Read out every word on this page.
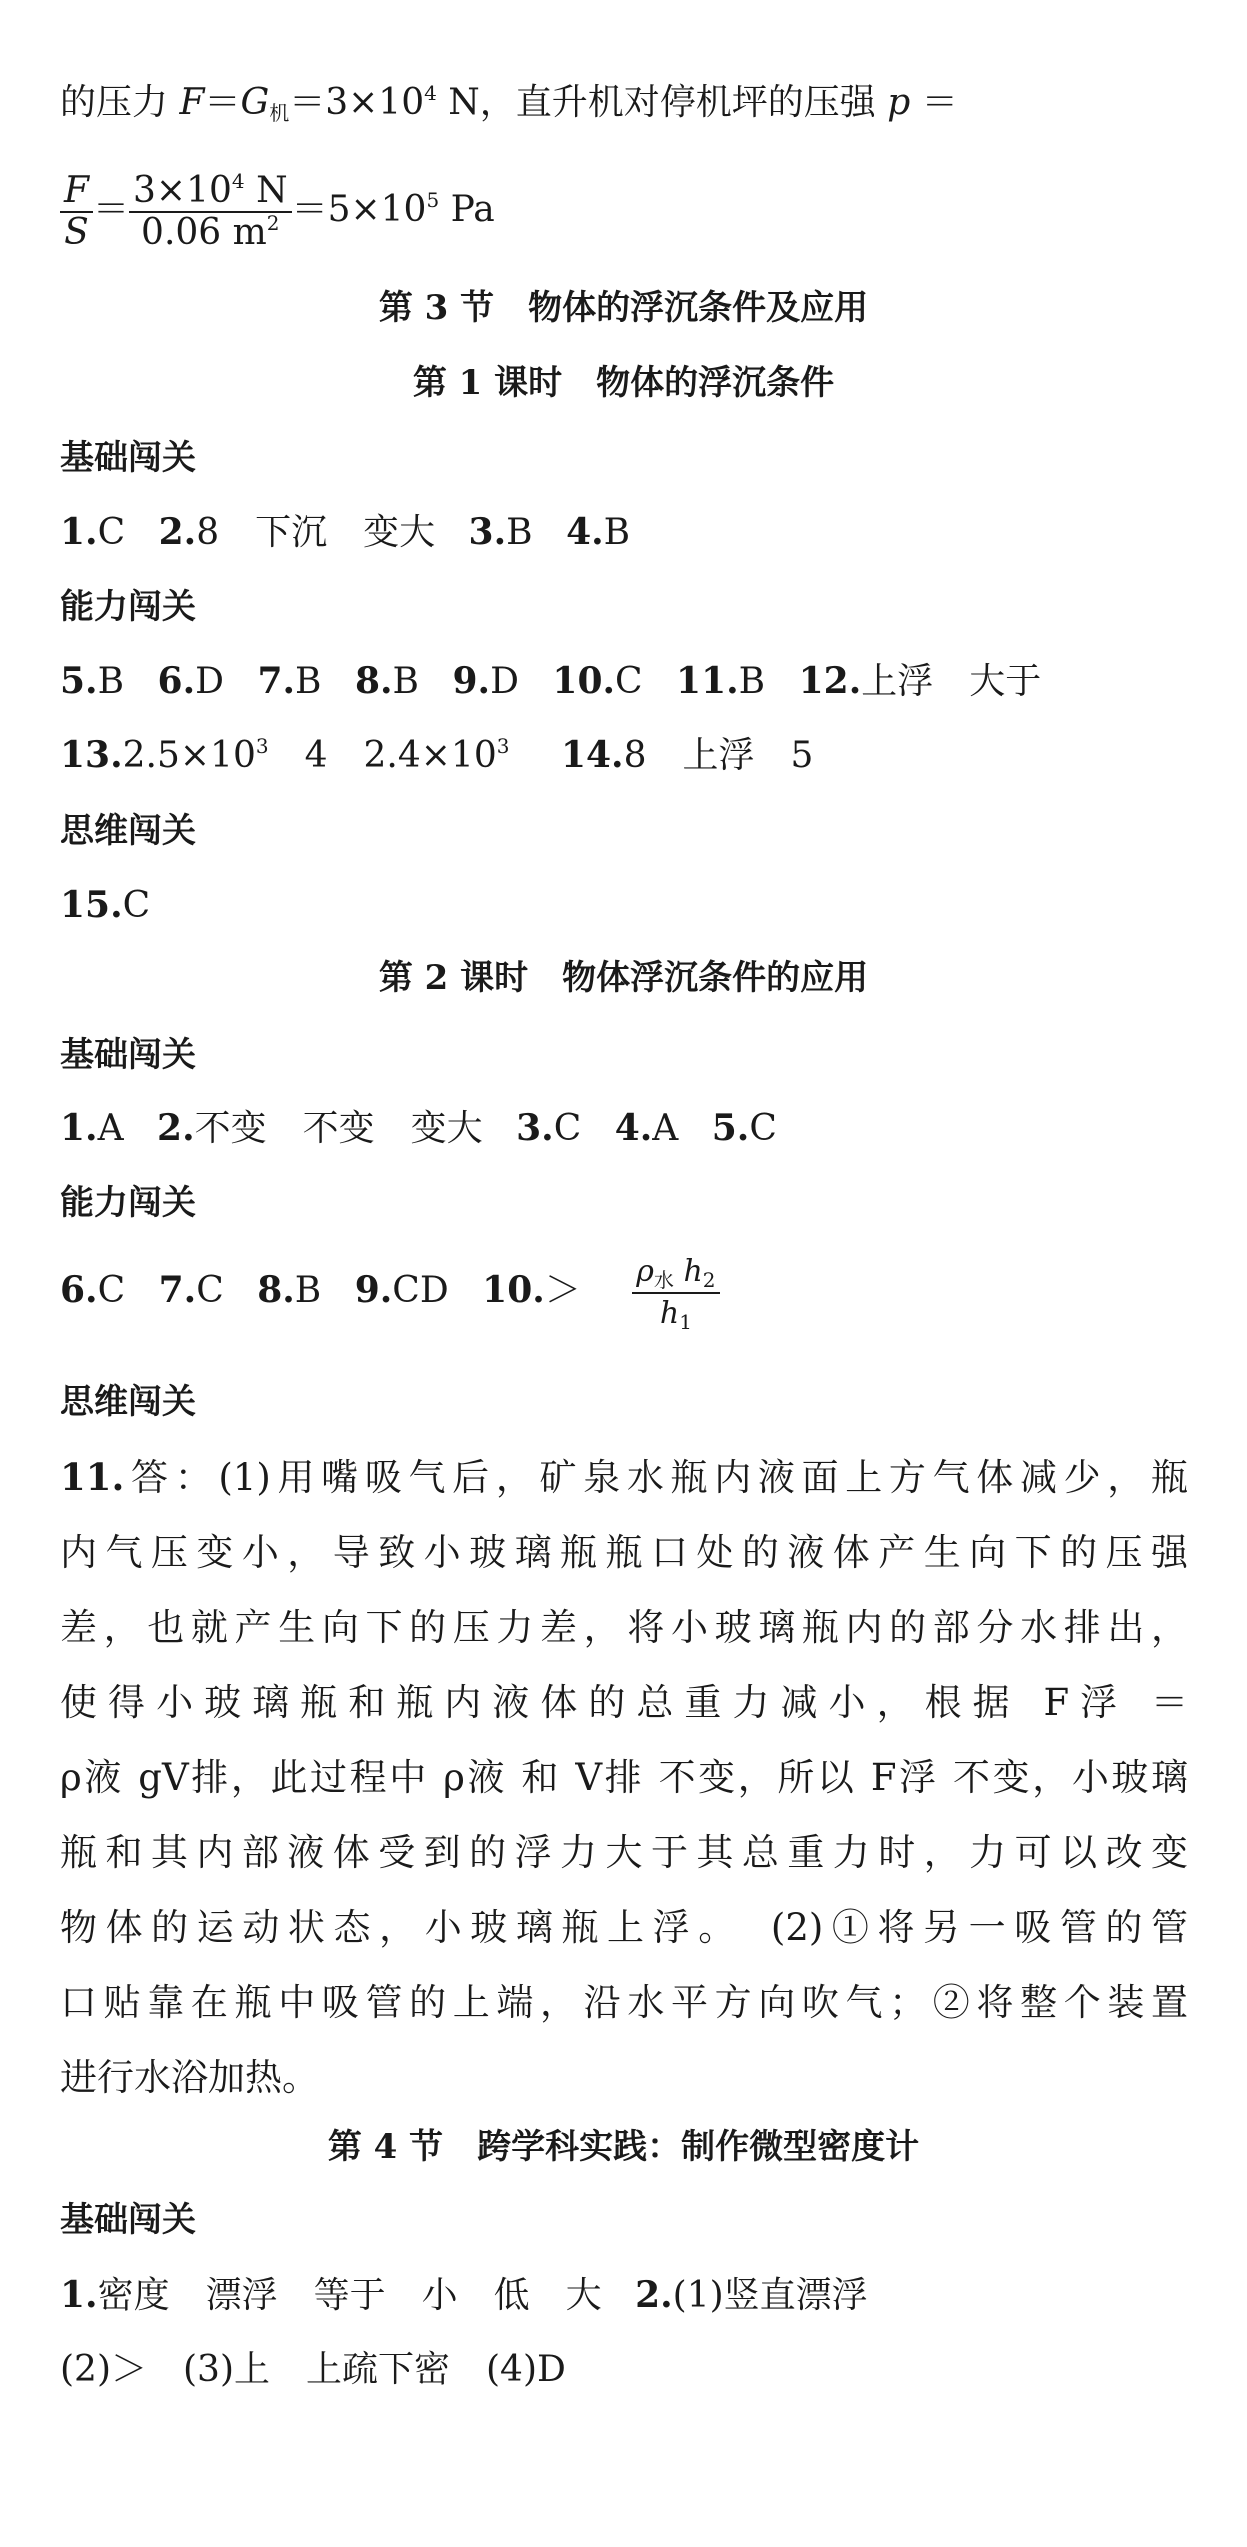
的压力 $F=G_机=3\times 10^4$ N，直升机对停机坪的压强 p ＝
$\frac{F}{S} = \frac{3\times 10^4 N}{0.06 m^2} =5\times 10^5$ Pa
第 3 节　物体的浮沉条件及应用
第 1 课时　物体的浮沉条件
基础闯关
1.C 2.8　下沉　变大 3.B 4.B
能力闯关
5.B 6.D 7.B 8.B 9.D 10.C 11.B 12.上浮　大于
$13.2.5\times 10^3$　4　$2.4\times 10^3$ 14.8　上浮　5
思维闯关
15.C
第 2 课时　物体浮沉条件的应用
基础闯关
1.A 2.不变　不变　变大 3.C 4.A 5.C
能力闯关
6.C 7.C 8.B 9.CD $10.> \frac{\rho_水 h_2}{h_1}$
思维闯关
11.答：(1)用嘴吸气后，矿泉水瓶内液面上方气体减少，瓶
内气压变小，导致小玻璃瓶瓶口处的液体产生向下的压强
差，也就产生向下的压力差，将小玻璃瓶内的部分水排出，
使得小玻璃瓶和瓶内液体的总重力减小，根据 F浮 ＝
ρ液 gV排，此过程中 ρ液 和 V排 不变，所以 F浮 不变，小玻璃
瓶和其内部液体受到的浮力大于其总重力时，力可以改变
物体的运动状态，小玻璃瓶上浮。　(2)①将另一吸管的管
口贴靠在瓶中吸管的上端，沿水平方向吹气；②将整个装置
进行水浴加热。
第 4 节　跨学科实践：制作微型密度计
基础闯关
1.密度　漂浮　等于　小　低　大 2.(1)竖直漂浮
(2)＞　(3)上　上疏下密　(4)D
